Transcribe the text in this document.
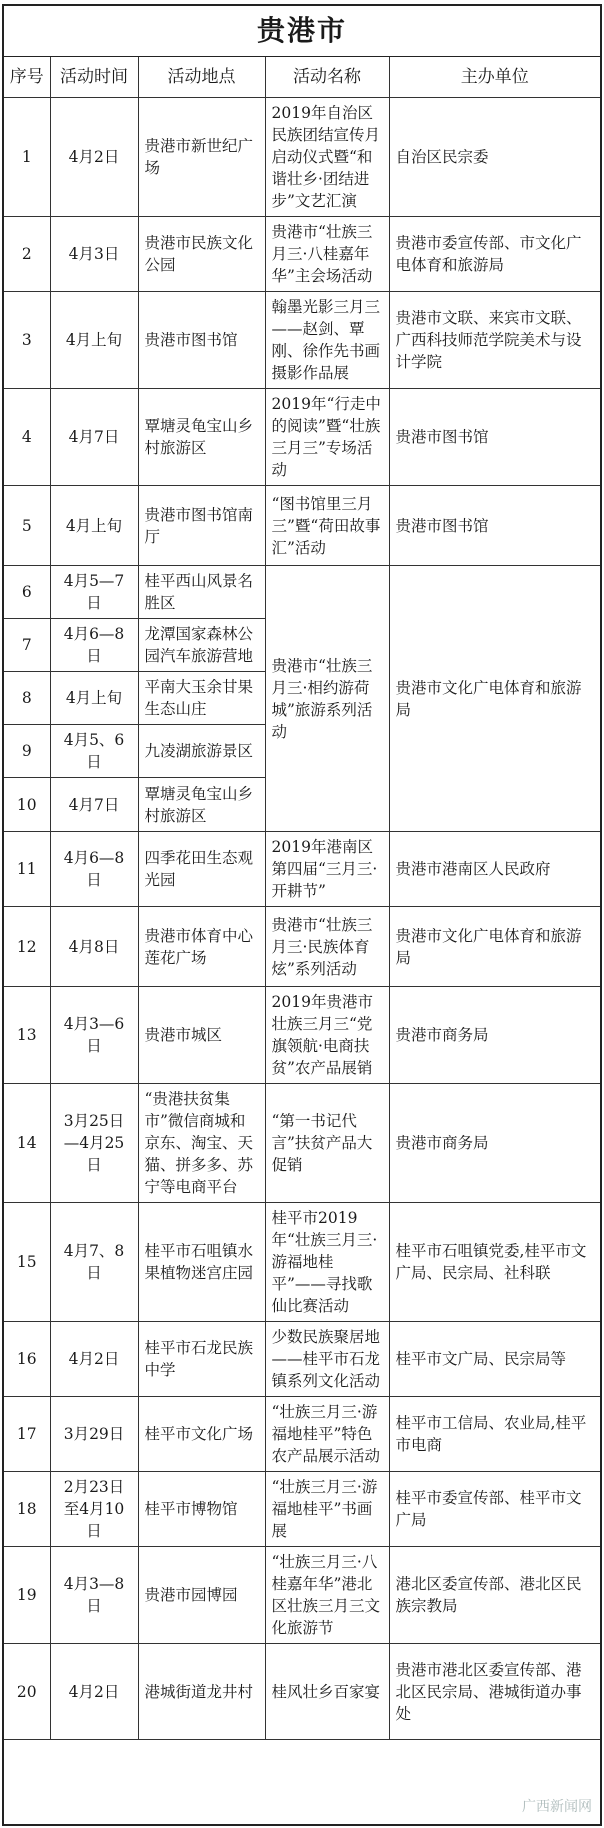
贵港市
序号	活动时间	活动地点	活动名称	主办单位
1	4月2日	贵港市新世纪广场	2019年自治区民族团结宣传月启动仪式暨“和谐壮乡·团结进步”文艺汇演	自治区民宗委
2	4月3日	贵港市民族文化公园	贵港市“壮族三月三·八桂嘉年华”主会场活动	贵港市委宣传部、市文化广电体育和旅游局
3	4月上旬	贵港市图书馆	翰墨光影三月三——赵剑、覃刚、徐作先书画摄影作品展	贵港市文联、来宾市文联、广西科技师范学院美术与设计学院
4	4月7日	覃塘灵龟宝山乡村旅游区	2019年“行走中的阅读”暨“壮族三月三”专场活动	贵港市图书馆
5	4月上旬	贵港市图书馆南厅	“图书馆里三月三”暨“荷田故事汇”活动	贵港市图书馆
6	4月5—7日	桂平西山风景名胜区	贵港市“壮族三月三·相约游荷城”旅游系列活动	贵港市文化广电体育和旅游局
7	4月6—8日	龙潭国家森林公园汽车旅游营地		
8	4月上旬	平南大玉余甘果生态山庄		
9	4月5、6日	九凌湖旅游景区		
10	4月7日	覃塘灵龟宝山乡村旅游区		
11	4月6—8日	四季花田生态观光园	2019年港南区第四届“三月三·开耕节”	贵港市港南区人民政府
12	4月8日	贵港市体育中心莲花广场	贵港市“壮族三月三·民族体育炫”系列活动	贵港市文化广电体育和旅游局
13	4月3—6日	贵港市城区	2019年贵港市壮族三月三“党旗领航·电商扶贫”农产品展销	贵港市商务局
14	3月25日—4月25日	“贵港扶贫集市”微信商城和京东、淘宝、天猫、拼多多、苏宁等电商平台	“第一书记代言”扶贫产品大促销	贵港市商务局
15	4月7、8日	桂平市石咀镇水果植物迷宫庄园	桂平市2019年“壮族三月三·游福地桂平”——寻找歌仙比赛活动	桂平市石咀镇党委,桂平市文广局、民宗局、社科联
16	4月2日	桂平市石龙民族中学	少数民族聚居地——桂平市石龙镇系列文化活动	桂平市文广局、民宗局等
17	3月29日	桂平市文化广场	“壮族三月三·游福地桂平”特色农产品展示活动	桂平市工信局、农业局,桂平市电商
18	2月23日至4月10日	桂平市博物馆	“壮族三月三·游福地桂平”书画展	桂平市委宣传部、桂平市文广局
19	4月3—8日	贵港市园博园	“壮族三月三·八桂嘉年华”港北区壮族三月三文化旅游节	港北区委宣传部、港北区民族宗教局
20	4月2日	港城街道龙井村	桂风壮乡百家宴	贵港市港北区委宣传部、港北区民宗局、港城街道办事处
广西新闻网
